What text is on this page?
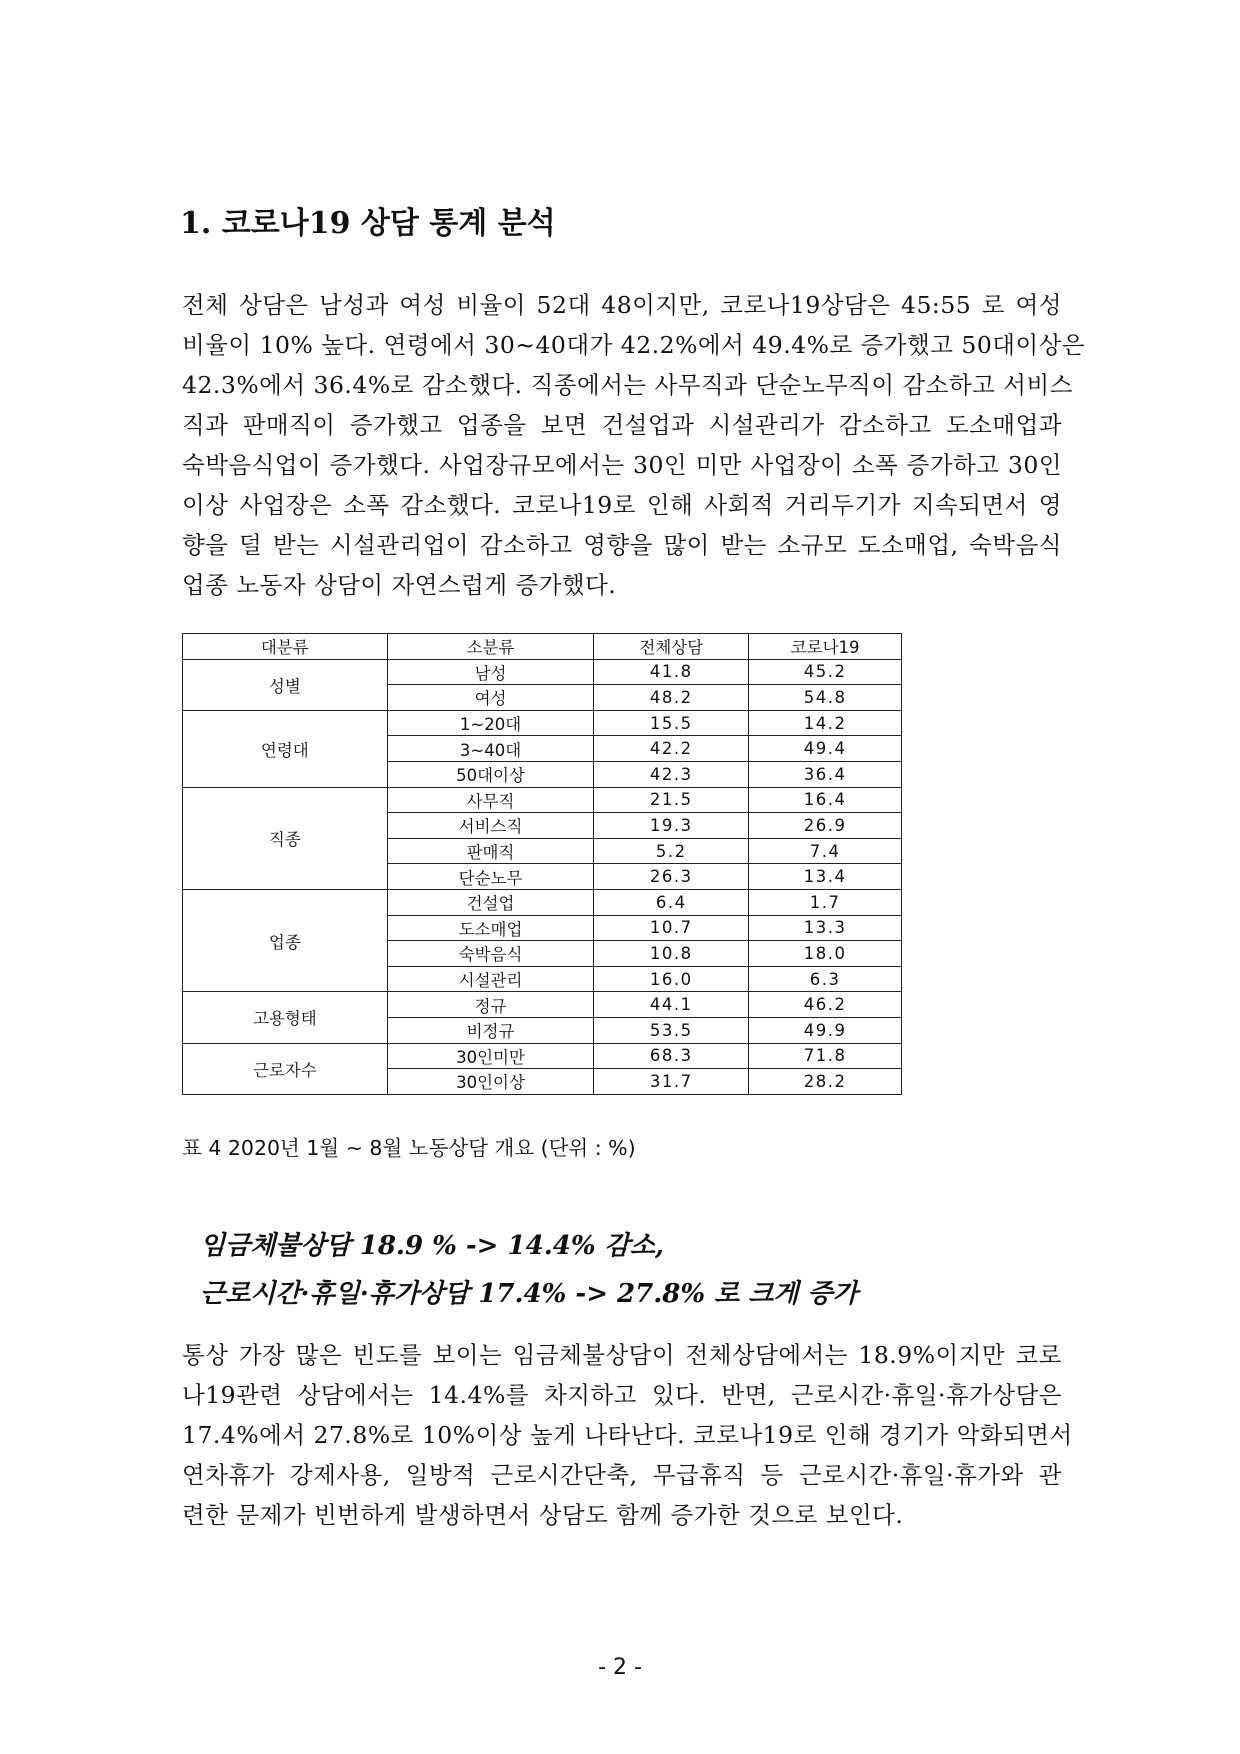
1. 코로나19 상담 통계 분석
전체 상담은 남성과 여성 비율이 52대 48이지만, 코로나19상담은 45:55 로 여성
비율이 10% 높다. 연령에서 30~40대가 42.2%에서 49.4%로 증가했고 50대이상은
42.3%에서 36.4%로 감소했다. 직종에서는 사무직과 단순노무직이 감소하고 서비스
직과 판매직이 증가했고 업종을 보면 건설업과 시설관리가 감소하고 도소매업과
숙박음식업이 증가했다. 사업장규모에서는 30인 미만 사업장이 소폭 증가하고 30인
이상 사업장은 소폭 감소했다. 코로나19로 인해 사회적 거리두기가 지속되면서 영
향을 덜 받는 시설관리업이 감소하고 영향을 많이 받는 소규모 도소매업, 숙박음식
업종 노동자 상담이 자연스럽게 증가했다.
대분류	소분류	전체상담	코로나19
성별	남성	41.8	45.2
	여성	48.2	54.8
연령대	1~20대	15.5	14.2
	3~40대	42.2	49.4
	50대이상	42.3	36.4
직종	사무직	21.5	16.4
	서비스직	19.3	26.9
	판매직	5.2	7.4
	단순노무	26.3	13.4
업종	건설업	6.4	1.7
	도소매업	10.7	13.3
	숙박음식	10.8	18.0
	시설관리	16.0	6.3
고용형태	정규	44.1	46.2
	비정규	53.5	49.9
근로자수	30인미만	68.3	71.8
	30인이상	31.7	28.2
표 4 2020년 1월 ~ 8월 노동상담 개요 (단위 : %)
임금체불상담 18.9 % -> 14.4% 감소,
근로시간·휴일·휴가상담 17.4% -> 27.8% 로 크게 증가
통상 가장 많은 빈도를 보이는 임금체불상담이 전체상담에서는 18.9%이지만 코로
나19관련 상담에서는 14.4%를 차지하고 있다. 반면, 근로시간·휴일·휴가상담은
17.4%에서 27.8%로 10%이상 높게 나타난다. 코로나19로 인해 경기가 악화되면서
연차휴가 강제사용, 일방적 근로시간단축, 무급휴직 등 근로시간·휴일·휴가와 관
련한 문제가 빈번하게 발생하면서 상담도 함께 증가한 것으로 보인다.
- 2 -
